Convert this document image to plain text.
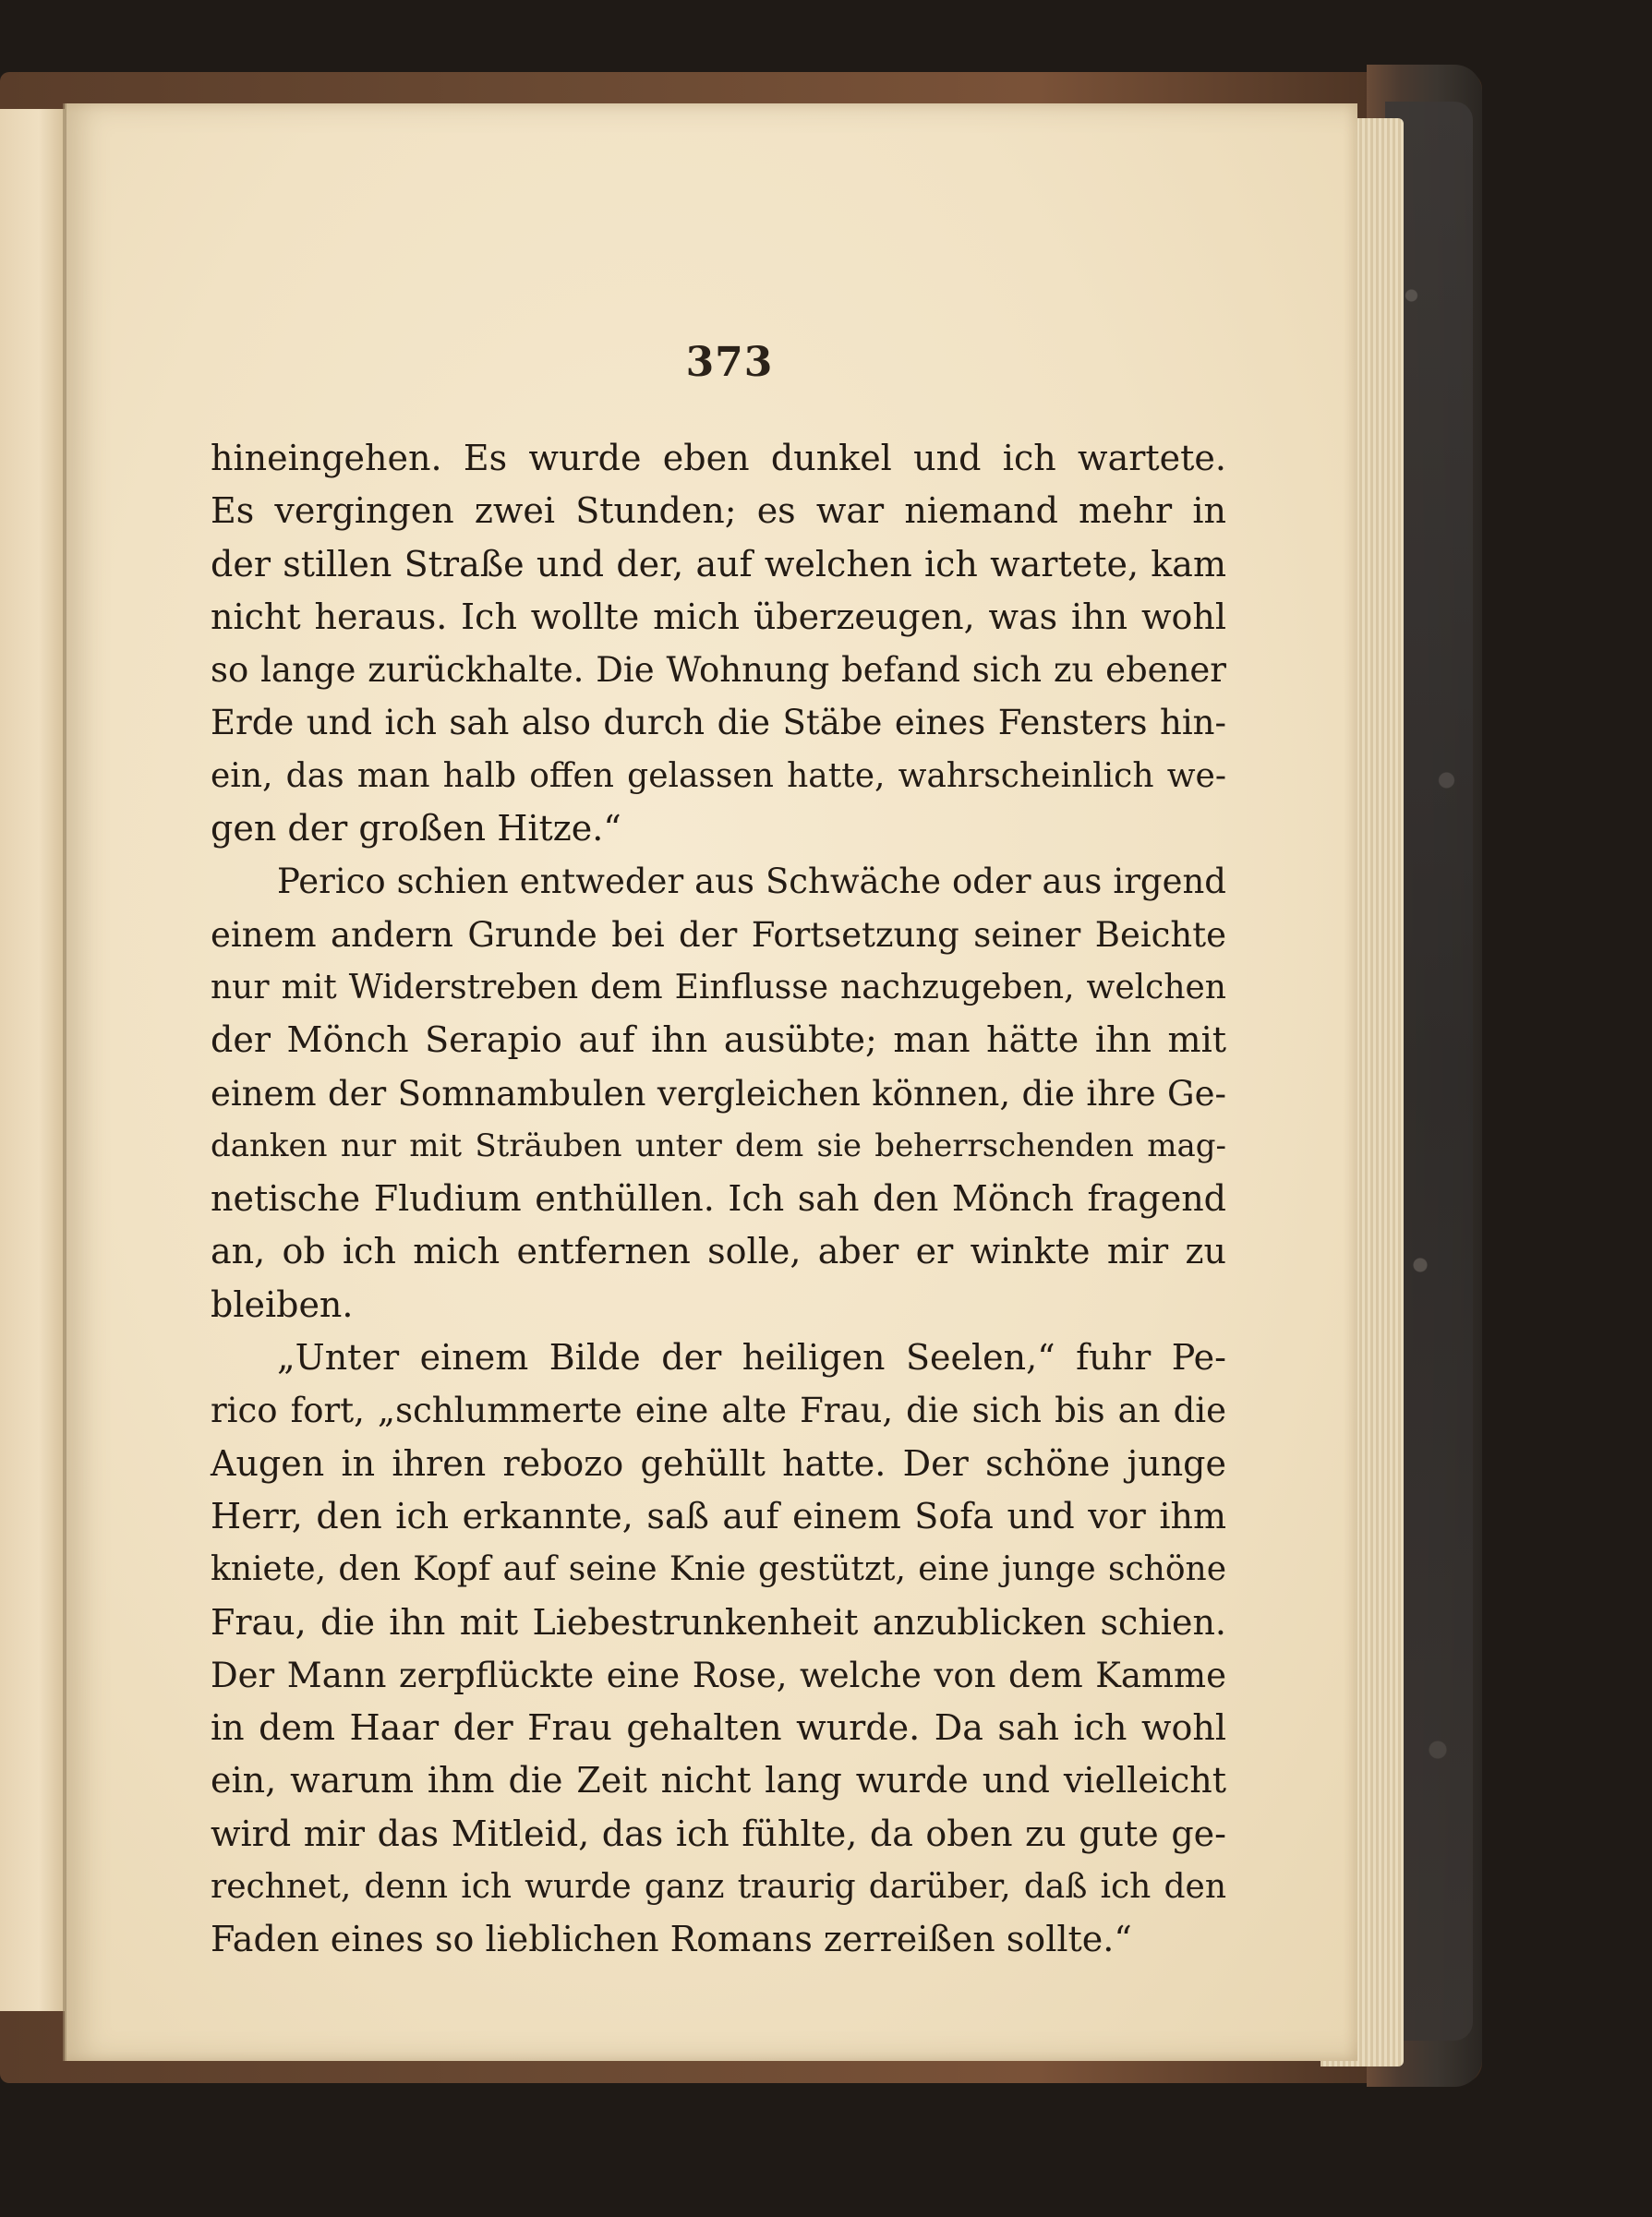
373
hineingehen. Es wurde eben dunkel und ich wartete.
Es vergingen zwei Stunden; es war niemand mehr in
der stillen Straße und der, auf welchen ich wartete, kam
nicht heraus. Ich wollte mich überzeugen, was ihn wohl
so lange zurückhalte. Die Wohnung befand sich zu ebener
Erde und ich sah also durch die Stäbe eines Fensters hin-
ein, das man halb offen gelassen hatte, wahrscheinlich we-
gen der großen Hitze.“
Perico schien entweder aus Schwäche oder aus irgend
einem andern Grunde bei der Fortsetzung seiner Beichte
nur mit Widerstreben dem Einflusse nachzugeben, welchen
der Mönch Serapio auf ihn ausübte; man hätte ihn mit
einem der Somnambulen vergleichen können, die ihre Ge-
danken nur mit Sträuben unter dem sie beherrschenden mag-
netische Fludium enthüllen. Ich sah den Mönch fragend
an, ob ich mich entfernen solle, aber er winkte mir zu
bleiben.
„Unter einem Bilde der heiligen Seelen,“ fuhr Pe-
rico fort, „schlummerte eine alte Frau, die sich bis an die
Augen in ihren rebozo gehüllt hatte. Der schöne junge
Herr, den ich erkannte, saß auf einem Sofa und vor ihm
kniete, den Kopf auf seine Knie gestützt, eine junge schöne
Frau, die ihn mit Liebestrunkenheit anzublicken schien.
Der Mann zerpflückte eine Rose, welche von dem Kamme
in dem Haar der Frau gehalten wurde. Da sah ich wohl
ein, warum ihm die Zeit nicht lang wurde und vielleicht
wird mir das Mitleid, das ich fühlte, da oben zu gute ge-
rechnet, denn ich wurde ganz traurig darüber, daß ich den
Faden eines so lieblichen Romans zerreißen sollte.“
